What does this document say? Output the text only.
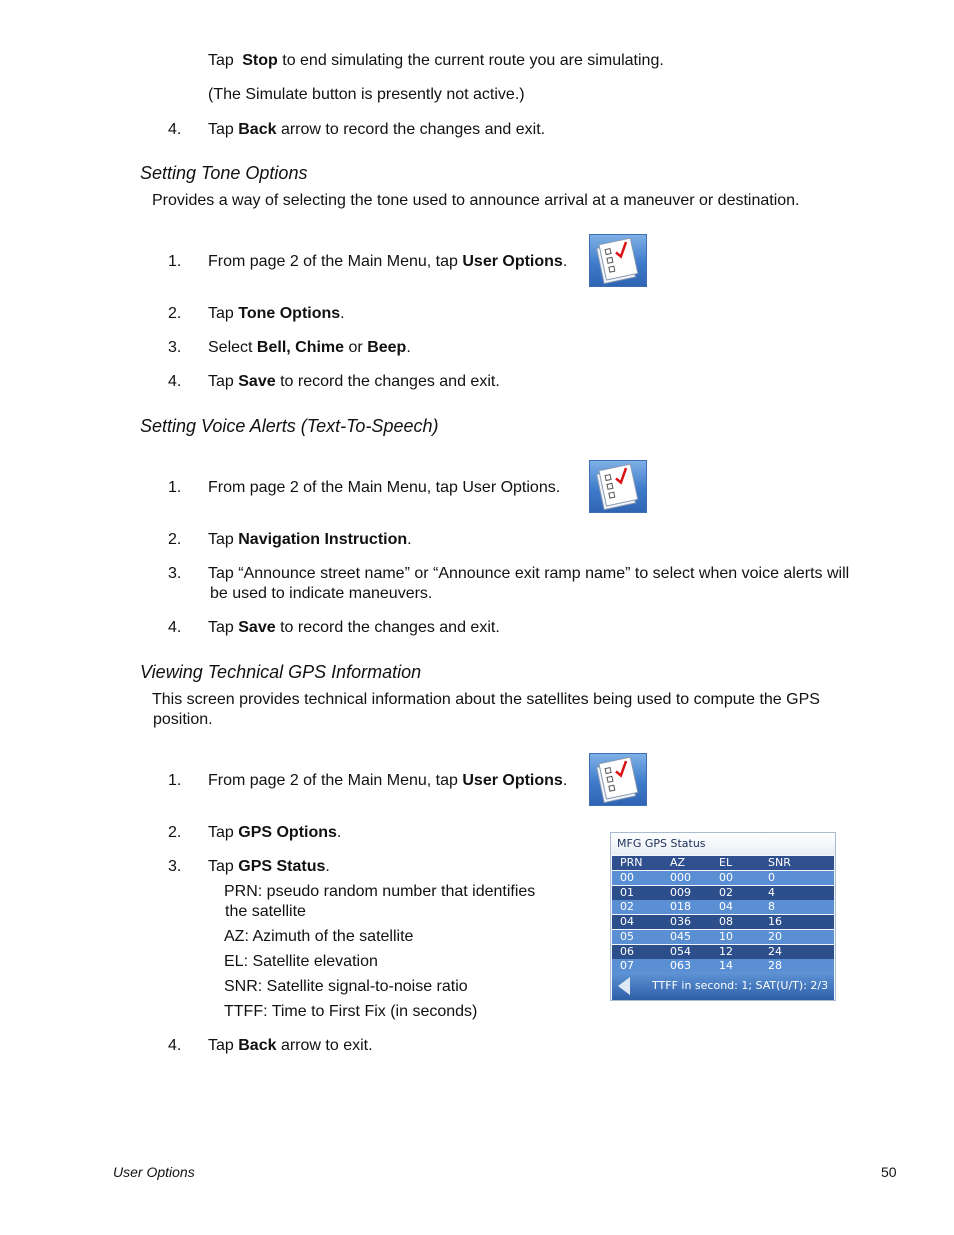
Tap Stop to end simulating the current route you are simulating.
(The Simulate button is presently not active.)
4.	Tap Back arrow to record the changes and exit.
Setting Tone Options
Provides a way of selecting the tone used to announce arrival at a maneuver or destination.
1.	From page 2 of the Main Menu, tap User Options.
2.	Tap Tone Options.
3.	Select Bell, Chime or Beep.
4.	Tap Save to record the changes and exit.
Setting Voice Alerts (Text-To-Speech)
1.	From page 2 of the Main Menu, tap User Options.
2.	Tap Navigation Instruction.
3.	Tap “Announce street name” or “Announce exit ramp name” to select when voice alerts will
be used to indicate maneuvers.
4.	Tap Save to record the changes and exit.
Viewing Technical GPS Information
This screen provides technical information about the satellites being used to compute the GPS
position.
1.	From page 2 of the Main Menu, tap User Options.
2.	Tap GPS Options.
3.	Tap GPS Status.
PRN: pseudo random number that identifies
the satellite
AZ: Azimuth of the satellite
EL: Satellite elevation
SNR: Satellite signal-to-noise ratio
TTFF: Time to First Fix (in seconds)
4.	Tap Back arrow to exit.
MFG GPS Status
PRN AZ	EL	SNR
00	000	00	0
01	009	02	4
02	018	04	8
04	036	08	16
05	045	10	20
06	054	12	24
07	063	14	28
TTFF in second: 1; SAT(U/T): 2/3
User Options	50
